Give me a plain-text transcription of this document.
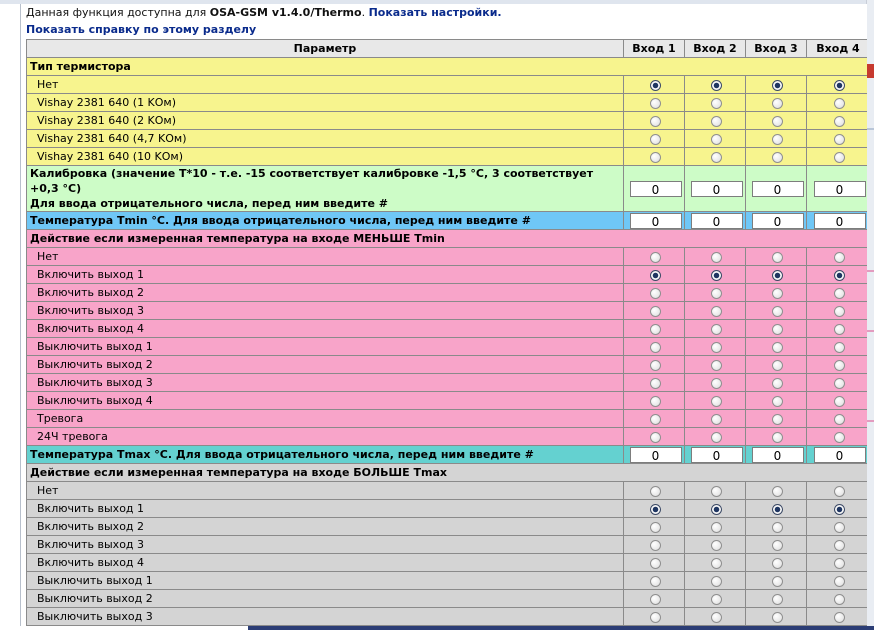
Данная функция доступна для OSA-GSM v1.4.0/Thermo. Показать настройки.
Показать справку по этому разделу
Параметр	Вход 1	Вход 2	Вход 3	Вход 4
Тип термистора				
Нет				
Vishay 2381 640 (1 KОм)				
Vishay 2381 640 (2 KОм)				
Vishay 2381 640 (4,7 KОм)				
Vishay 2381 640 (10 KОм)				

Калибровка (значение T*10 - т.е. -15 соответствует калибровке -1,5 °C, 3 соответствует +0,3 °C)
Для ввода отрицательного числа, перед ним введите #	0	0	0	0
Температура Tmin °C. Для ввода отрицательного числа, перед ним введите #	0	0	0	0
Действие если измеренная температура на входе МЕНЬШЕ Tmin				
Нет				
Включить выход 1				
Включить выход 2				
Включить выход 3				
Включить выход 4				
Выключить выход 1				
Выключить выход 2				
Выключить выход 3				
Выключить выход 4				
Тревога				
24Ч тревога				
Температура Tmax °C. Для ввода отрицательного числа, перед ним введите #	0	0	0	0
Действие если измеренная температура на входе БОЛЬШЕ Tmax				
Нет				
Включить выход 1				
Включить выход 2				
Включить выход 3				
Включить выход 4				
Выключить выход 1				
Выключить выход 2				
Выключить выход 3				
